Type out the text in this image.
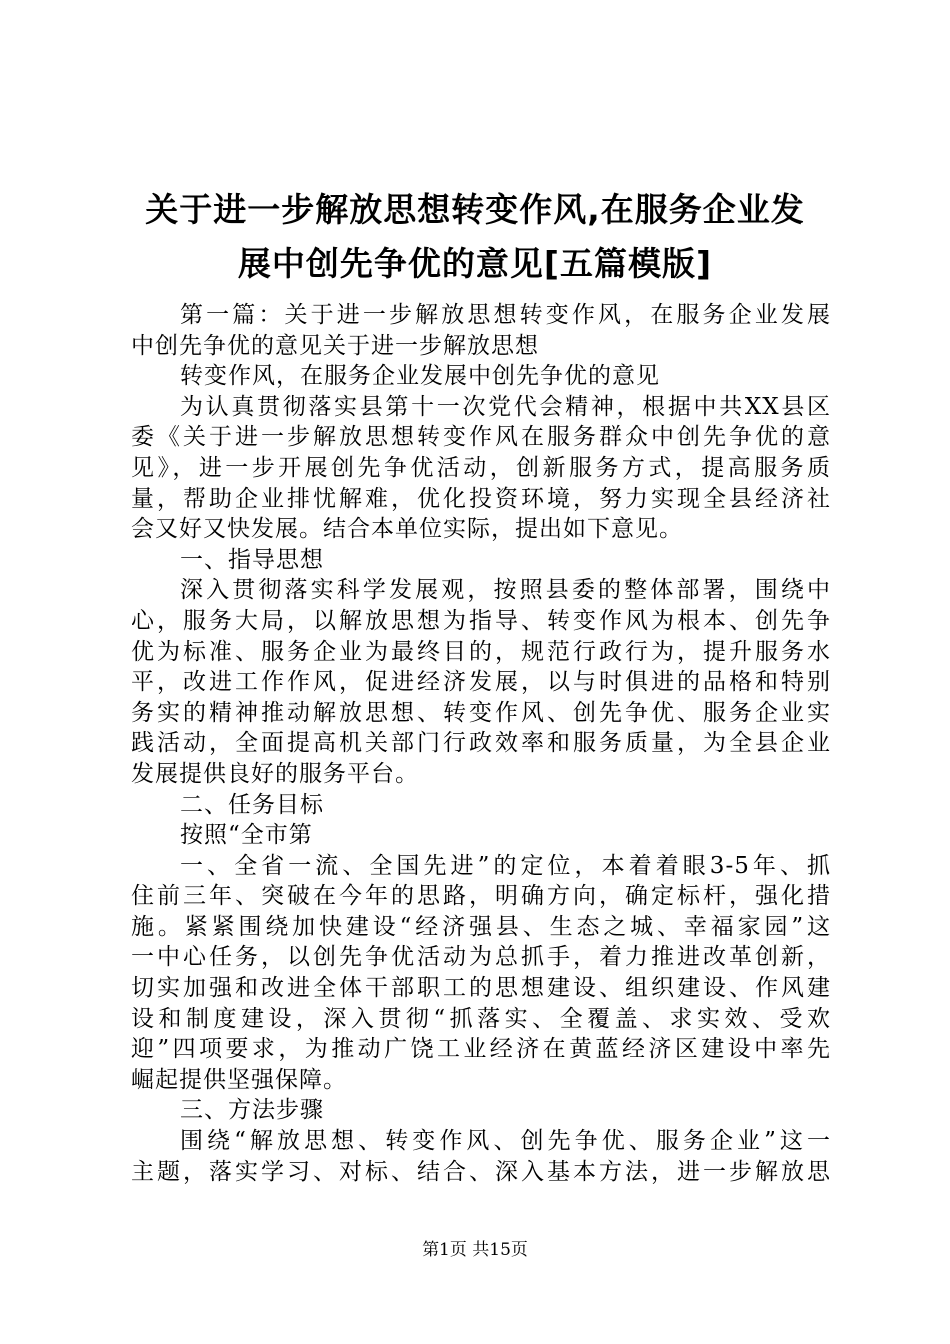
关于进一步解放思想转变作风,在服务企业发
展中创先争优的意见[五篇模版]
第一篇：关于进一步解放思想转变作风，在服务企业发展
中创先争优的意见关于进一步解放思想
转变作风，在服务企业发展中创先争优的意见
为认真贯彻落实县第十一次党代会精神，根据中共XX县区
委《关于进一步解放思想转变作风在服务群众中创先争优的意
见》，进一步开展创先争优活动，创新服务方式，提高服务质
量，帮助企业排忧解难，优化投资环境，努力实现全县经济社
会又好又快发展。结合本单位实际，提出如下意见。
一、指导思想
深入贯彻落实科学发展观，按照县委的整体部署，围绕中
心，服务大局，以解放思想为指导、转变作风为根本、创先争
优为标准、服务企业为最终目的，规范行政行为，提升服务水
平，改进工作作风，促进经济发展，以与时俱进的品格和特别
务实的精神推动解放思想、转变作风、创先争优、服务企业实
践活动，全面提高机关部门行政效率和服务质量，为全县企业
发展提供良好的服务平台。
二、任务目标
按照“全市第
一、全省一流、全国先进”的定位，本着着眼3-5年、抓
住前三年、突破在今年的思路，明确方向，确定标杆，强化措
施。紧紧围绕加快建设“经济强县、生态之城、幸福家园”这
一中心任务，以创先争优活动为总抓手，着力推进改革创新，
切实加强和改进全体干部职工的思想建设、组织建设、作风建
设和制度建设，深入贯彻“抓落实、全覆盖、求实效、受欢
迎”四项要求，为推动广饶工业经济在黄蓝经济区建设中率先
崛起提供坚强保障。
三、方法步骤
围绕“解放思想、转变作风、创先争优、服务企业”这一
主题，落实学习、对标、结合、深入基本方法，进一步解放思
第1页 共15页
